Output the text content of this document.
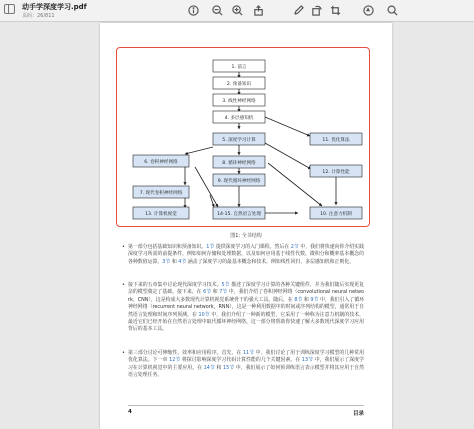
动手学深度学习.pdf
页码：26/811
1. 前言
2. 预备知识
3. 线性神经网络
4. 多层感知机
5. 深度学习计算	11. 优化算法
6. 卷积神经网络	8. 循环神经网络
12. 计算性能
9. 现代循环神经网络
7. 现代卷积神经网络
13. 计算机视觉	14-15. 自然语言处理	10. 注意力机制
图1: 全书结构
• 第一部分包括基础知识和预备知识。1节 提供深度学习的入门课程。然后在 2节 中，我们将快速向你介绍实践深度学习所需的前提条件，例如如何存储和处理数据，以及如何应用基于线性代数、微积分和概率基本概念的各种数值运算。3节 和 4节 涵盖了深度学习的最基本概念和技术，例如线性回归、多层感知机和正则化。

• 接下来的五章集中讨论现代深度学习技术。5节 描述了深度学习计算的各种关键组件，并为我们随后实现更复杂的模型奠定了基础。接下来，在 6节 和 7节 中，我们介绍了卷积神经网络（convolutional neural network，CNN），这是构成大多数现代计算机视觉系统骨干的强大工具。随后，在 8节 和 9节 中，我们引入了循环神经网络（recurrent neural network，RNN），这是一种利用数据中的时间或序列结构的模型，通常用于自然语言处理和时间序列预测。在 10节 中，我们介绍了一种新的模型，它采用了一种称为注意力机制的技术，最近它们已经开始在自然语言处理中取代循环神经网络。这一部分将帮助你快速了解大多数现代深度学习应用背后的基本工具。

• 第三部分讨论可伸缩性、效率和应用程序。首先，在 11节 中，我们讨论了用于训练深度学习模型的几种常用优化算法。下一章 12节 将探讨影响深度学习代码计算性能的几个关键因素。在 13节 中，我们展示了深度学习在计算机视觉中的主要应用。在 14节 和 15节 中，我们展示了如何预训练语言表示模型并将其应用于自然语言处理任务。

4	目录
